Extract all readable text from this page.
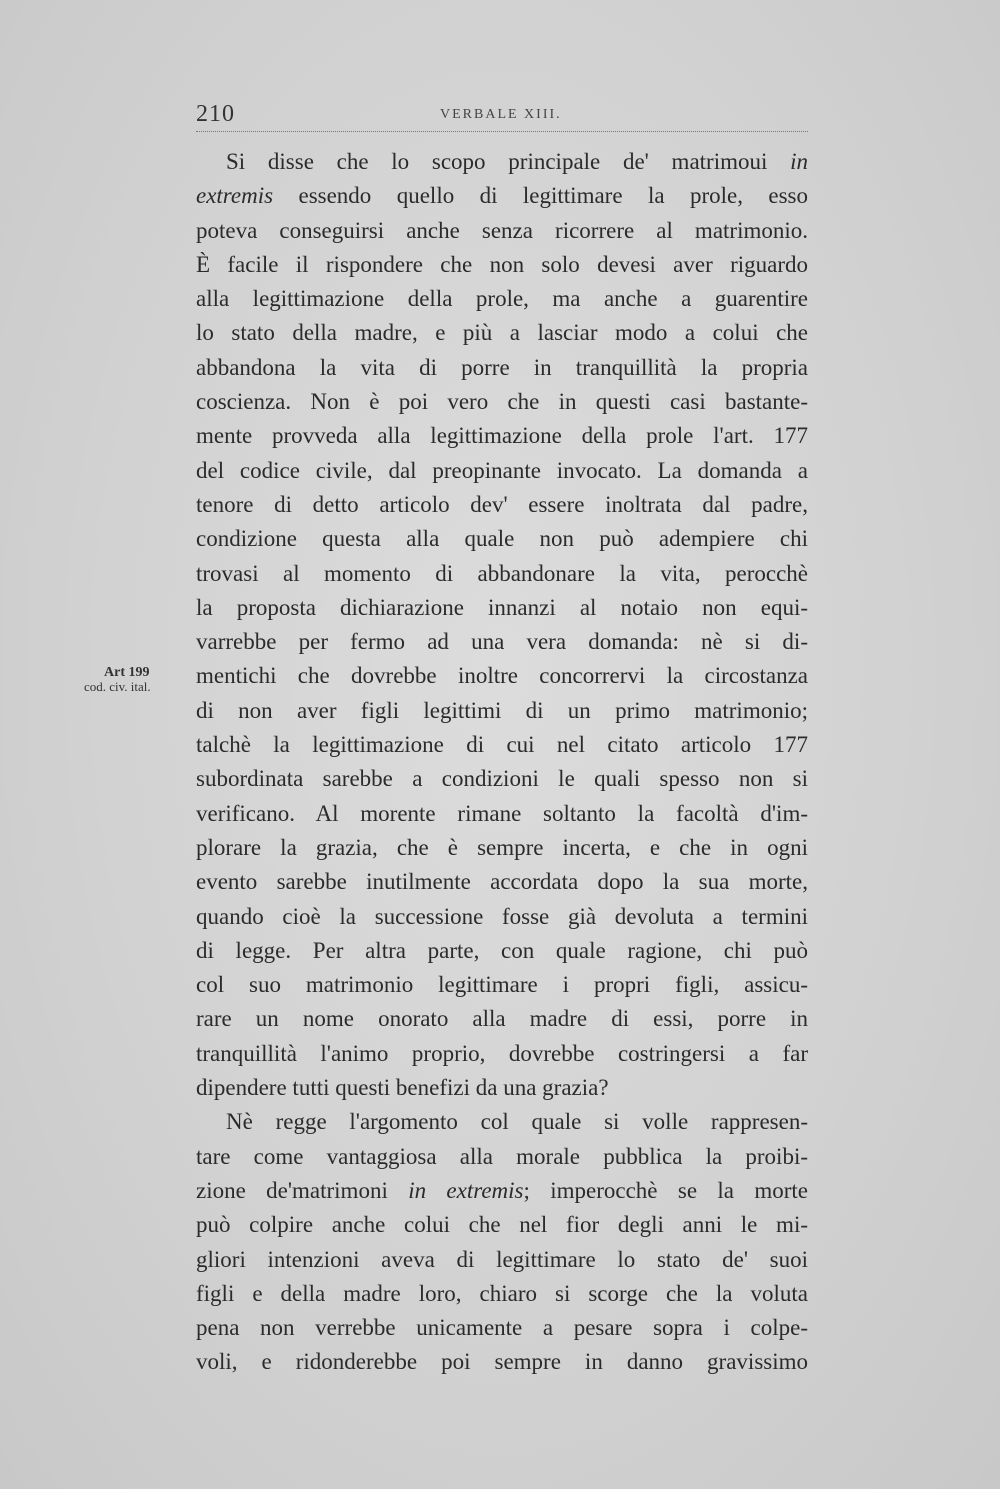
210	VERBALE XIII.
Art 199
cod. civ. ital.
Si disse che lo scopo principale de' matrimoui in
extremis essendo quello di legittimare la prole, esso
poteva conseguirsi anche senza ricorrere al matrimonio.
È facile il rispondere che non solo devesi aver riguardo
alla legittimazione della prole, ma anche a guarentire
lo stato della madre, e più a lasciar modo a colui che
abbandona la vita di porre in tranquillità la propria
coscienza. Non è poi vero che in questi casi bastante-
mente provveda alla legittimazione della prole l'art. 177
del codice civile, dal preopinante invocato. La domanda a
tenore di detto articolo dev' essere inoltrata dal padre,
condizione questa alla quale non può adempiere chi
trovasi al momento di abbandonare la vita, perocchè
la proposta dichiarazione innanzi al notaio non equi-
varrebbe per fermo ad una vera domanda: nè si di-
mentichi che dovrebbe inoltre concorrervi la circostanza
di non aver figli legittimi di un primo matrimonio;
talchè la legittimazione di cui nel citato articolo 177
subordinata sarebbe a condizioni le quali spesso non si
verificano. Al morente rimane soltanto la facoltà d'im-
plorare la grazia, che è sempre incerta, e che in ogni
evento sarebbe inutilmente accordata dopo la sua morte,
quando cioè la successione fosse già devoluta a termini
di legge. Per altra parte, con quale ragione, chi può
col suo matrimonio legittimare i propri figli, assicu-
rare un nome onorato alla madre di essi, porre in
tranquillità l'animo proprio, dovrebbe costringersi a far
dipendere tutti questi benefizi da una grazia?
Nè regge l'argomento col quale si volle rappresen-
tare come vantaggiosa alla morale pubblica la proibi-
zione de'matrimoni in extremis; imperocchè se la morte
può colpire anche colui che nel fior degli anni le mi-
gliori intenzioni aveva di legittimare lo stato de' suoi
figli e della madre loro, chiaro si scorge che la voluta
pena non verrebbe unicamente a pesare sopra i colpe-
voli, e ridonderebbe poi sempre in danno gravissimo
